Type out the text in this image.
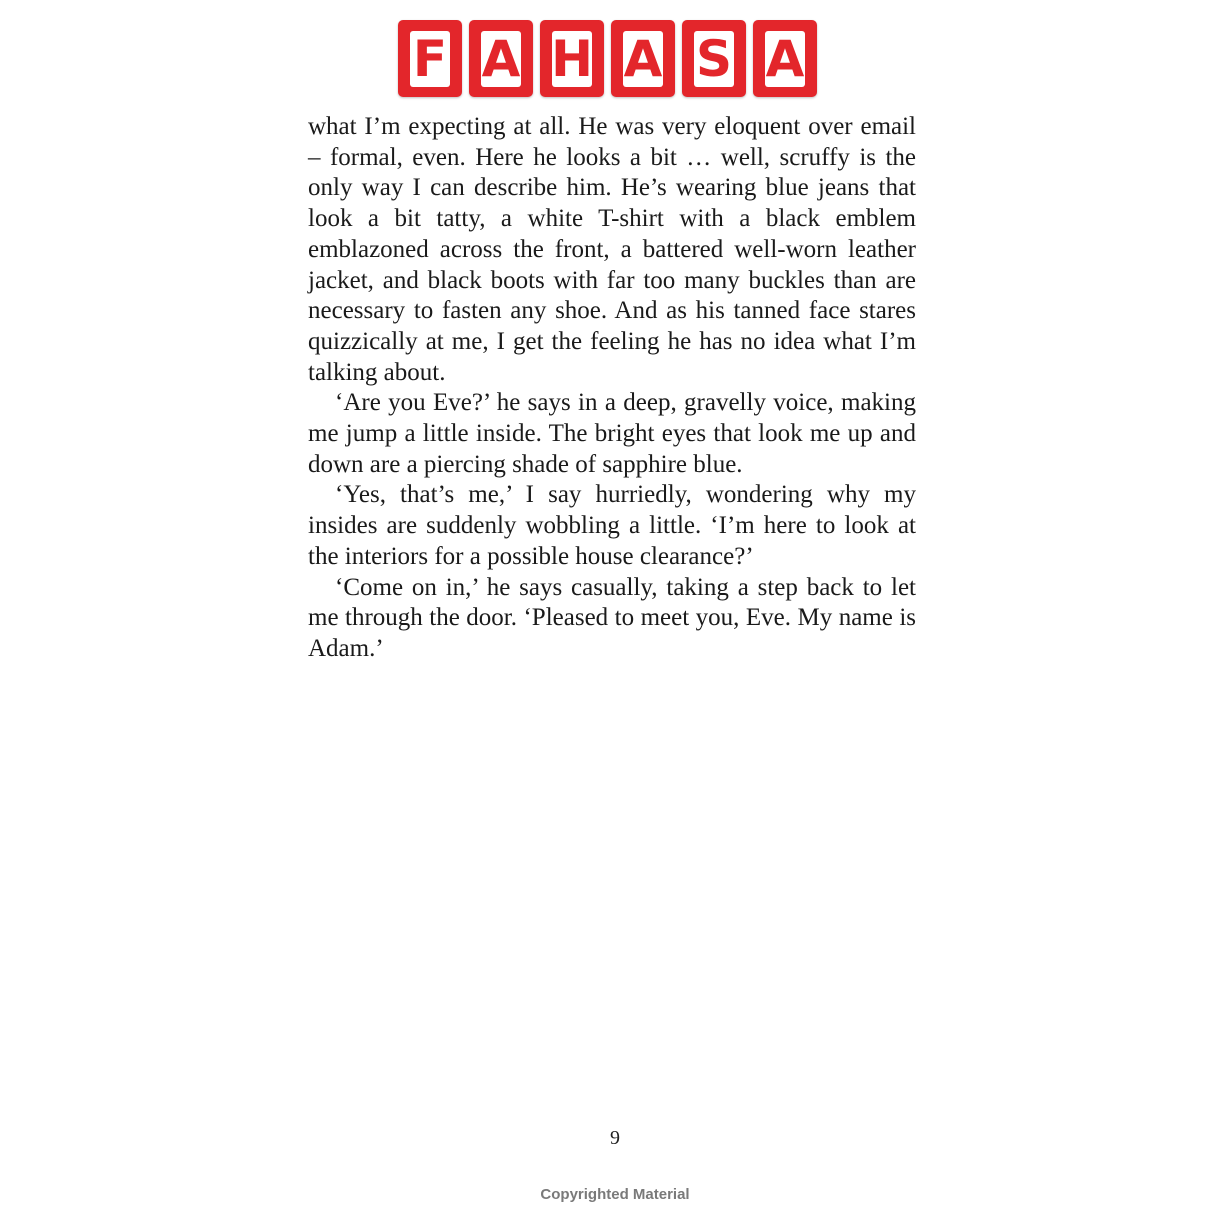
F A H A S A

what I’m expecting at all. He was very eloquent over email – formal, even. Here he looks a bit … well, scruffy is the only way I can describe him. He’s wearing blue jeans that look a bit tatty, a white T-shirt with a black emblem emblazoned across the front, a battered well-worn leather jacket, and black boots with far too many buckles than are necessary to fasten any shoe. And as his tanned face stares quizzically at me, I get the feeling he has no idea what I’m talking about.

‘Are you Eve?’ he says in a deep, gravelly voice, making me jump a little inside. The bright eyes that look me up and down are a piercing shade of sapphire blue.

‘Yes, that’s me,’ I say hurriedly, wondering why my insides are suddenly wobbling a little. ‘I’m here to look at the interiors for a possible house clearance?’

‘Come on in,’ he says casually, taking a step back to let me through the door. ‘Pleased to meet you, Eve. My name is Adam.’

9
Copyrighted Material
